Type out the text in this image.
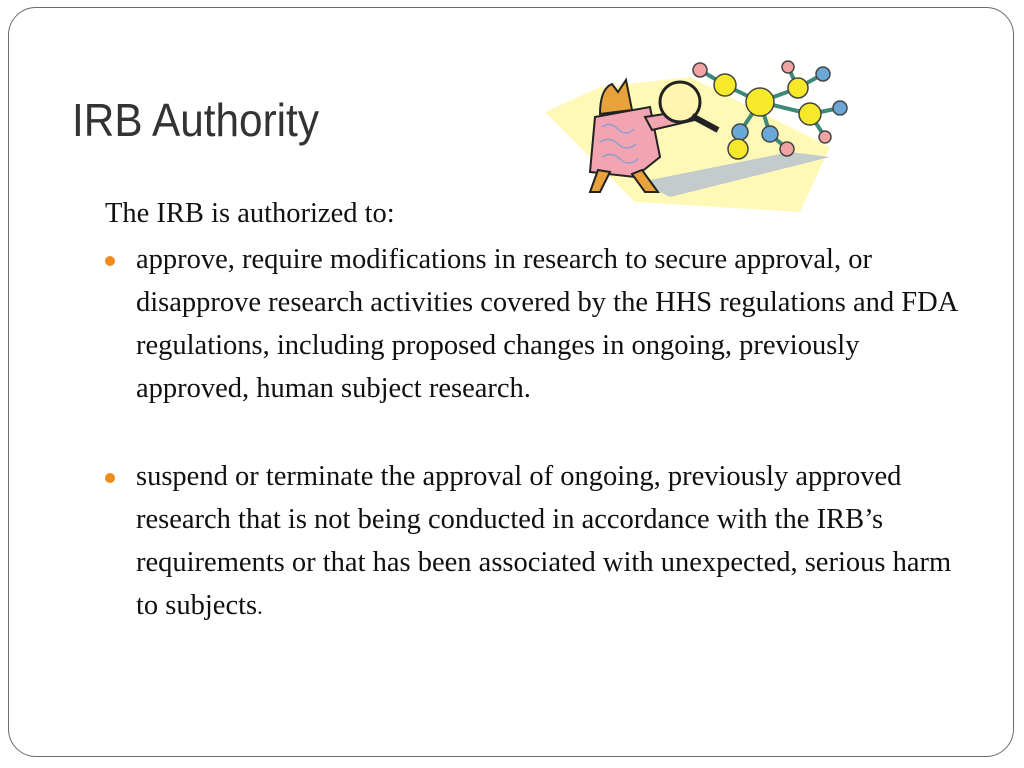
IRB Authority

The IRB is authorized to:

approve, require modifications in research to secure approval, or disapprove research activities covered by the HHS regulations and FDA regulations, including proposed changes in ongoing, previously approved, human subject research.
suspend or terminate the approval of ongoing, previously approved research that is not being conducted in accordance with the IRB’s requirements or that has been associated with unexpected, serious harm to subjects.
